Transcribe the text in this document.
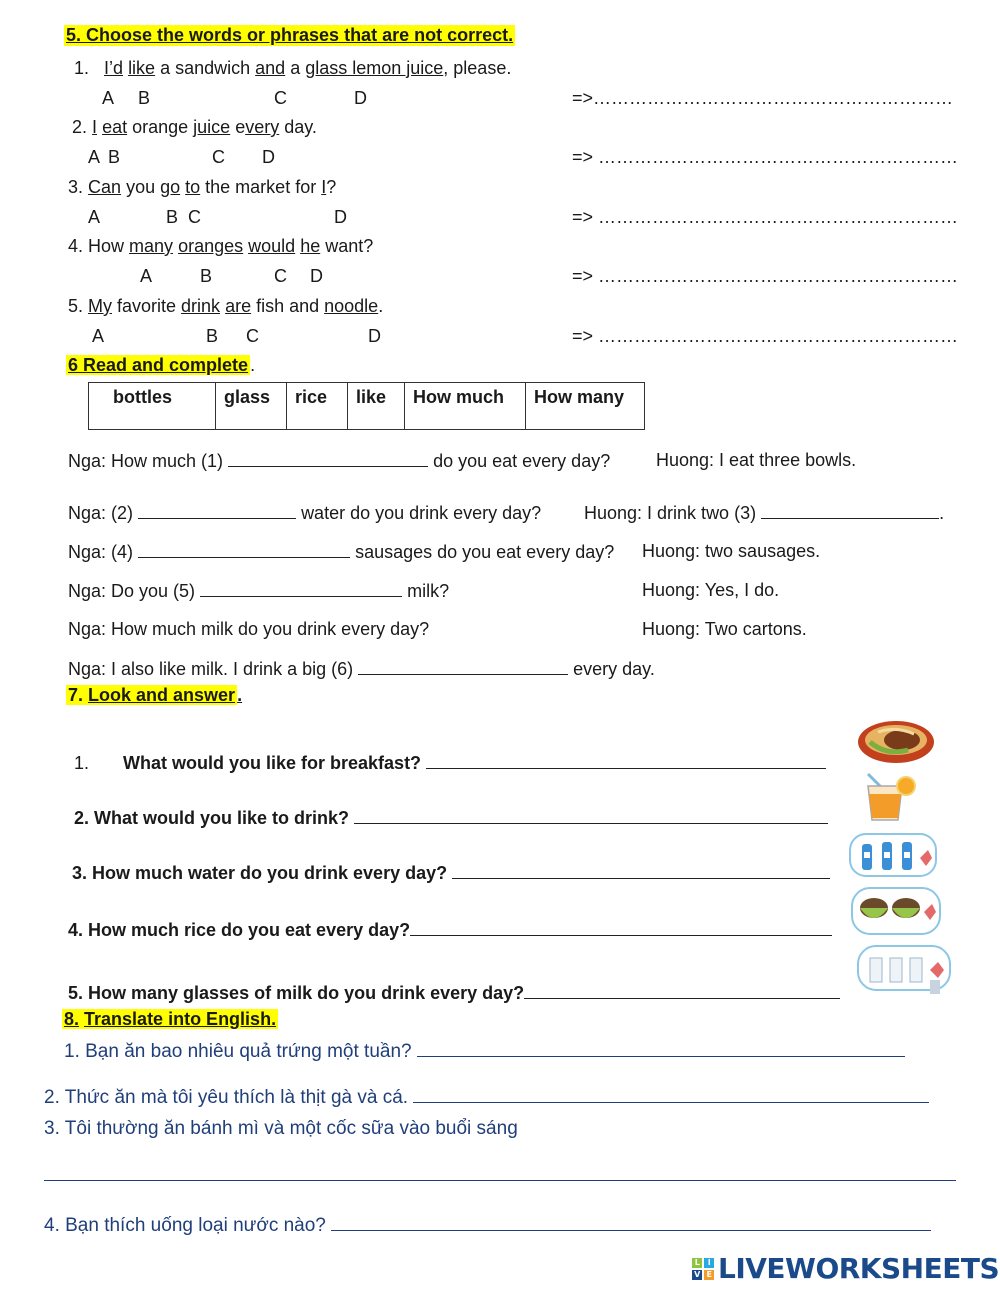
5. Choose the words or phrases that are not correct.
1. I’d like a sandwich and a glass lemon juice, please.
A B	C	D	=>……………………………………………………
2. I eat orange juice every day.
A B	C D	=> ……………………………………………………
3. Can you go to the market for I?
A	B C	D	=> ……………………………………………………
4. How many oranges would he want?
A	B	C D	=> ……………………………………………………
5. My favorite drink are fish and noodle.
A	B C	D	=> ……………………………………………………
6 Read and complete .
bottles	glass	rice	like	How much	How many
Nga: How much (1)	do you eat every day?	Huong: I eat three bowls.
Nga: (2)	water do you drink every day? Huong: I drink two (3)	.
Nga: (4)	sausages do you eat every day? Huong: two sausages.
Nga: Do you (5)	milk?	Huong: Yes, I do.
Nga: How much milk do you drink every day?	Huong: Two cartons.
Nga: I also like milk. I drink a big (6)	every day.
7. Look and answer .
1. What would you like for breakfast?
2. What would you like to drink?
3. How much water do you drink every day?
4. How much rice do you eat every day?
5. How many glasses of milk do you drink every day?
8. Translate into English.
1. Bạn ăn bao nhiêu quả trứng một tuần?
2. Thức ăn mà tôi yêu thích là thịt gà và cá.
3. Tôi thường ăn bánh mì và một cốc sữa vào buổi sáng
4. Bạn thích uống loại nước nào?
L	I
V E LIVEWORKSHEETS
